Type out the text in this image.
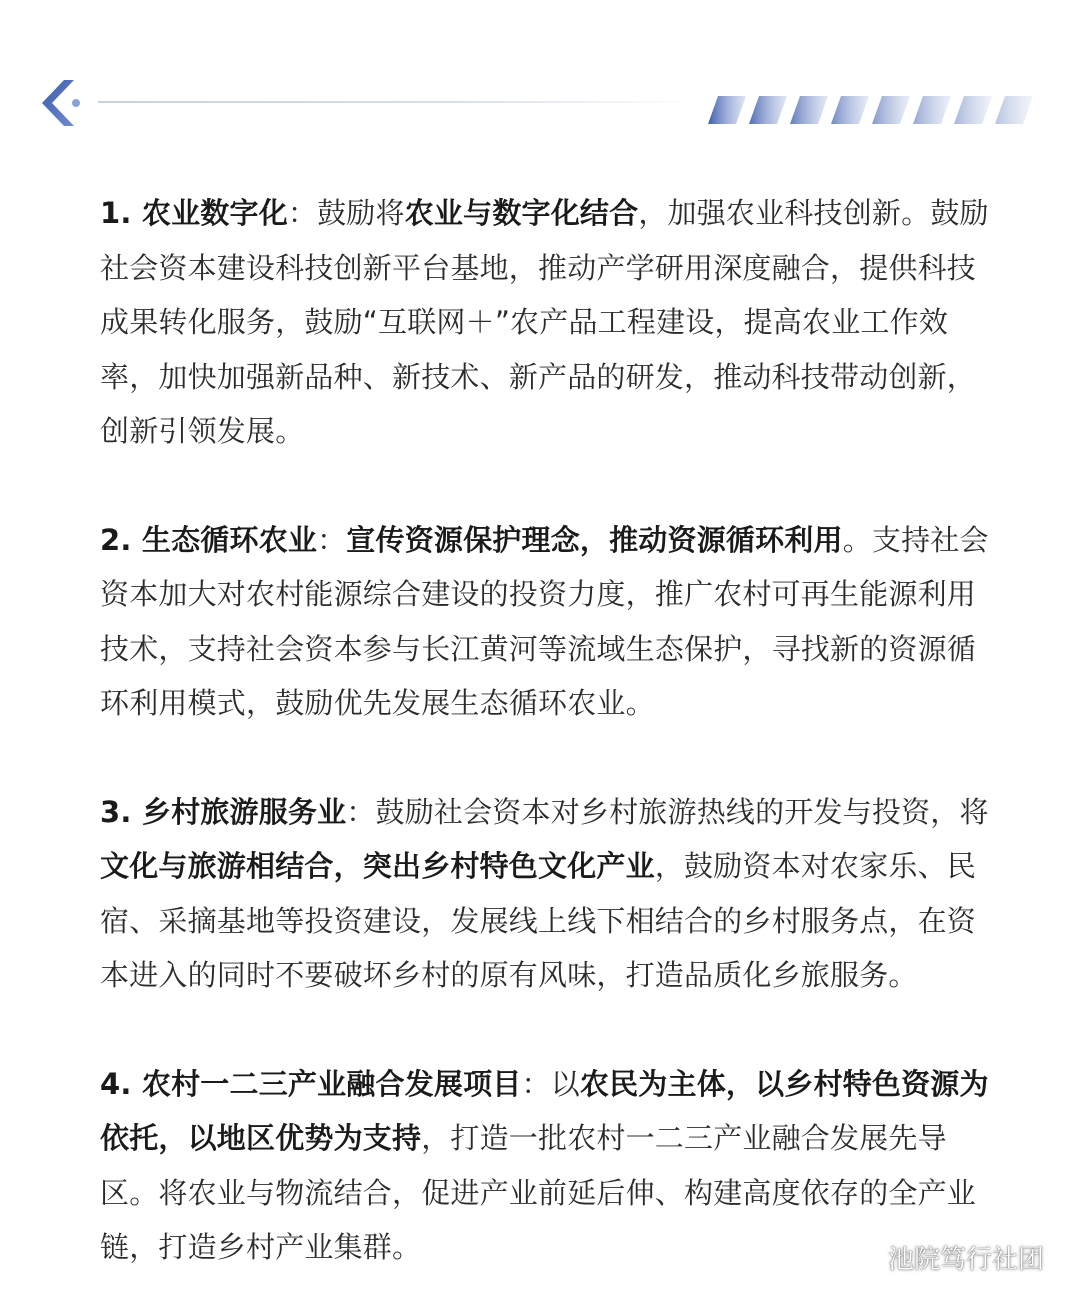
1. 农业数字化：鼓励将农业与数字化结合，加强农业科技创新。鼓励社会资本建设科技创新平台基地，推动产学研用深度融合，提供科技成果转化服务，鼓励“互联网＋”农产品工程建设，提高农业工作效率，加快加强新品种、新技术、新产品的研发，推动科技带动创新，创新引领发展。

2. 生态循环农业：宣传资源保护理念，推动资源循环利用。支持社会资本加大对农村能源综合建设的投资力度，推广农村可再生能源利用技术，支持社会资本参与长江黄河等流域生态保护，寻找新的资源循环利用模式，鼓励优先发展生态循环农业。

3. 乡村旅游服务业：鼓励社会资本对乡村旅游热线的开发与投资，将文化与旅游相结合，突出乡村特色文化产业，鼓励资本对农家乐、民宿、采摘基地等投资建设，发展线上线下相结合的乡村服务点，在资本进入的同时不要破坏乡村的原有风味，打造品质化乡旅服务。

4. 农村一二三产业融合发展项目：以农民为主体，以乡村特色资源为依托，以地区优势为支持，打造一批农村一二三产业融合发展先导区。将农业与物流结合，促进产业前延后伸、构建高度依存的全产业链，打造乡村产业集群。	池院笃行社团
